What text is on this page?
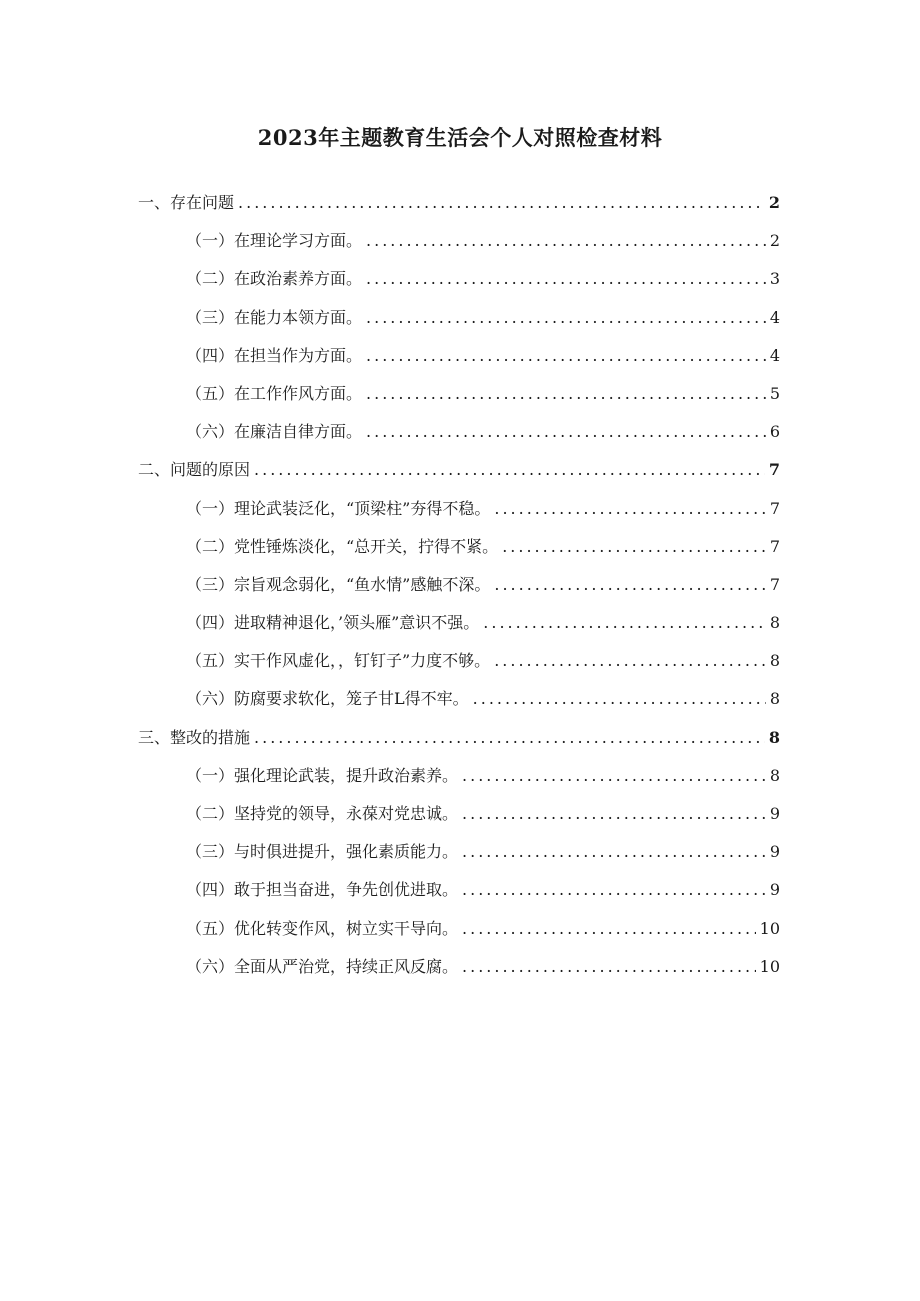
2023年主题教育生活会个人对照检查材料
一、存在问题 .....	2
（一）在理论学习方面。 .....	2
（二）在政治素养方面。 .....	3
（三）在能力本领方面。 .....	4
（四）在担当作为方面。 .....	4
（五）在工作作风方面。 .....	5
（六）在廉洁自律方面。 .....	6
二、问题的原因 .....	7
（一）理论武装泛化，“顶梁柱”夯得不稳。 .....	7
（二）党性锤炼淡化，“总开关，拧得不紧。 .....	7
（三）宗旨观念弱化，“鱼水情”感触不深。 .....	7
（四）进取精神退化，’领头雁”意识不强。 .....	8
（五）实干作风虚化，，钉钉子”力度不够。 .....	8
（六）防腐要求软化，笼子甘L得不牢。 .....	8
三、整改的措施 .....	8
（一）强化理论武装，提升政治素养。 .....	8
（二）坚持党的领导，永葆对党忠诚。 .....	9
（三）与时俱进提升，强化素质能力。 .....	9
（四）敢于担当奋进，争先创优进取。 .....	9
（五）优化转变作风，树立实干导向。 .....	10
（六）全面从严治党，持续正风反腐。 .....	10
